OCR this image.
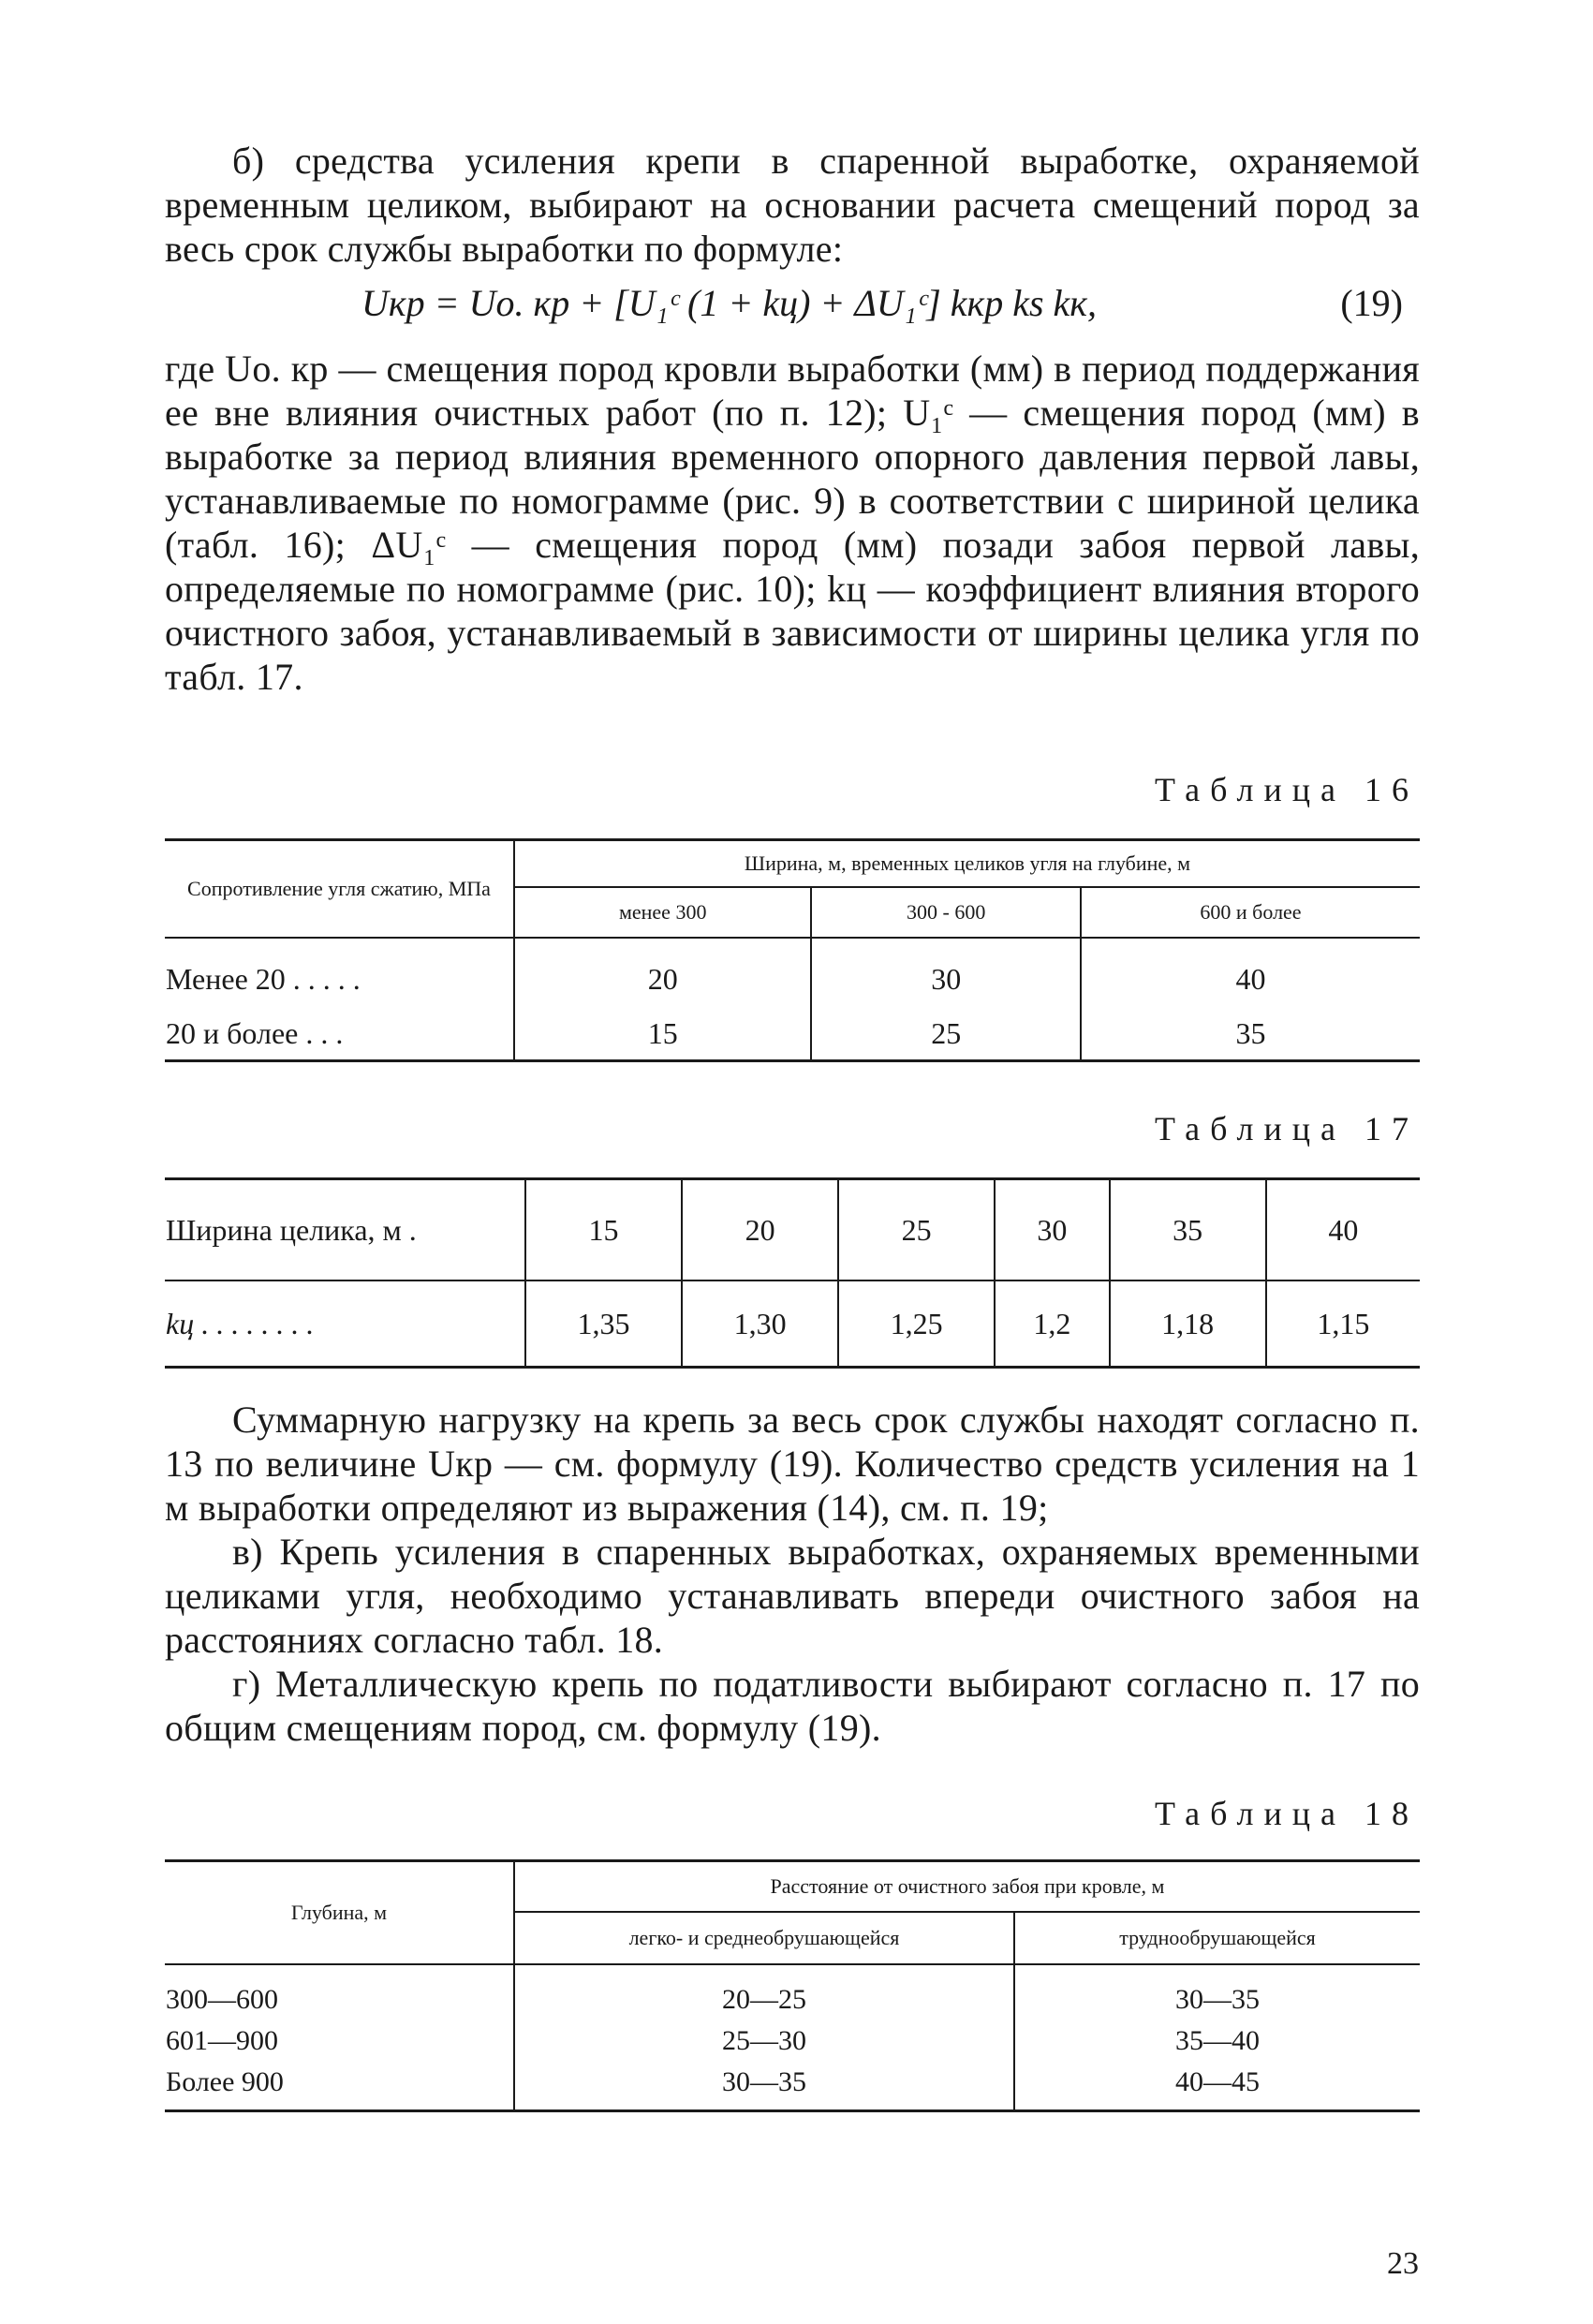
б) средства усиления крепи в спаренной выработке, охраняемой временным целиком, выбирают на основании расчета смещений пород за весь срок службы выработки по формуле:

Uкр = Uо. кр + [U₁ᶜ (1 + kц) + ΔU₁ᶜ] kкр ks kк,	(19)

где Uо. кр — смещения пород кровли выработки (мм) в период поддержания ее вне влияния очистных работ (по п. 12); U₁ᶜ — смещения пород (мм) в выработке за период влияния временного опорного давления первой лавы, устанавливаемые по номограмме (рис. 9) в соответствии с шириной целика (табл. 16); ΔU₁ᶜ — смещения пород (мм) позади забоя первой лавы, определяемые по номограмме (рис. 10); kц — коэффициент влияния второго очистного забоя, устанавливаемый в зависимости от ширины целика угля по табл. 17.

Таблица 16
Сопротивление угля сжатию, МПа	Ширина, м, временных целиков угля на глубине, м		
	менее 300	300 - 600	600 и более
Менее 20 . . . . .	20	30	40
20 и более . . .	15	25	35
Таблица 17
Ширина целика, м .	15	20	25	30	35	40
kц . . . . . . . .	1,35	1,30	1,25	1,2	1,18	1,15

Суммарную нагрузку на крепь за весь срок службы находят согласно п. 13 по величине Uкр — см. формулу (19). Количество средств усиления на 1 м выработки определяют из выражения (14), см. п. 19;

в) Крепь усиления в спаренных выработках, охраняемых временными целиками угля, необходимо устанавливать впереди очистного забоя на расстояниях согласно табл. 18.

г) Металлическую крепь по податливости выбирают согласно п. 17 по общим смещениям пород, см. формулу (19).

Таблица 18
Глубина, м	Расстояние от очистного забоя при кровле, м	
	легко- и среднеобрушающейся	труднообрушающейся
300—600	20—25	30—35
601—900	25—30	35—40
Более 900	30—35	40—45
23
